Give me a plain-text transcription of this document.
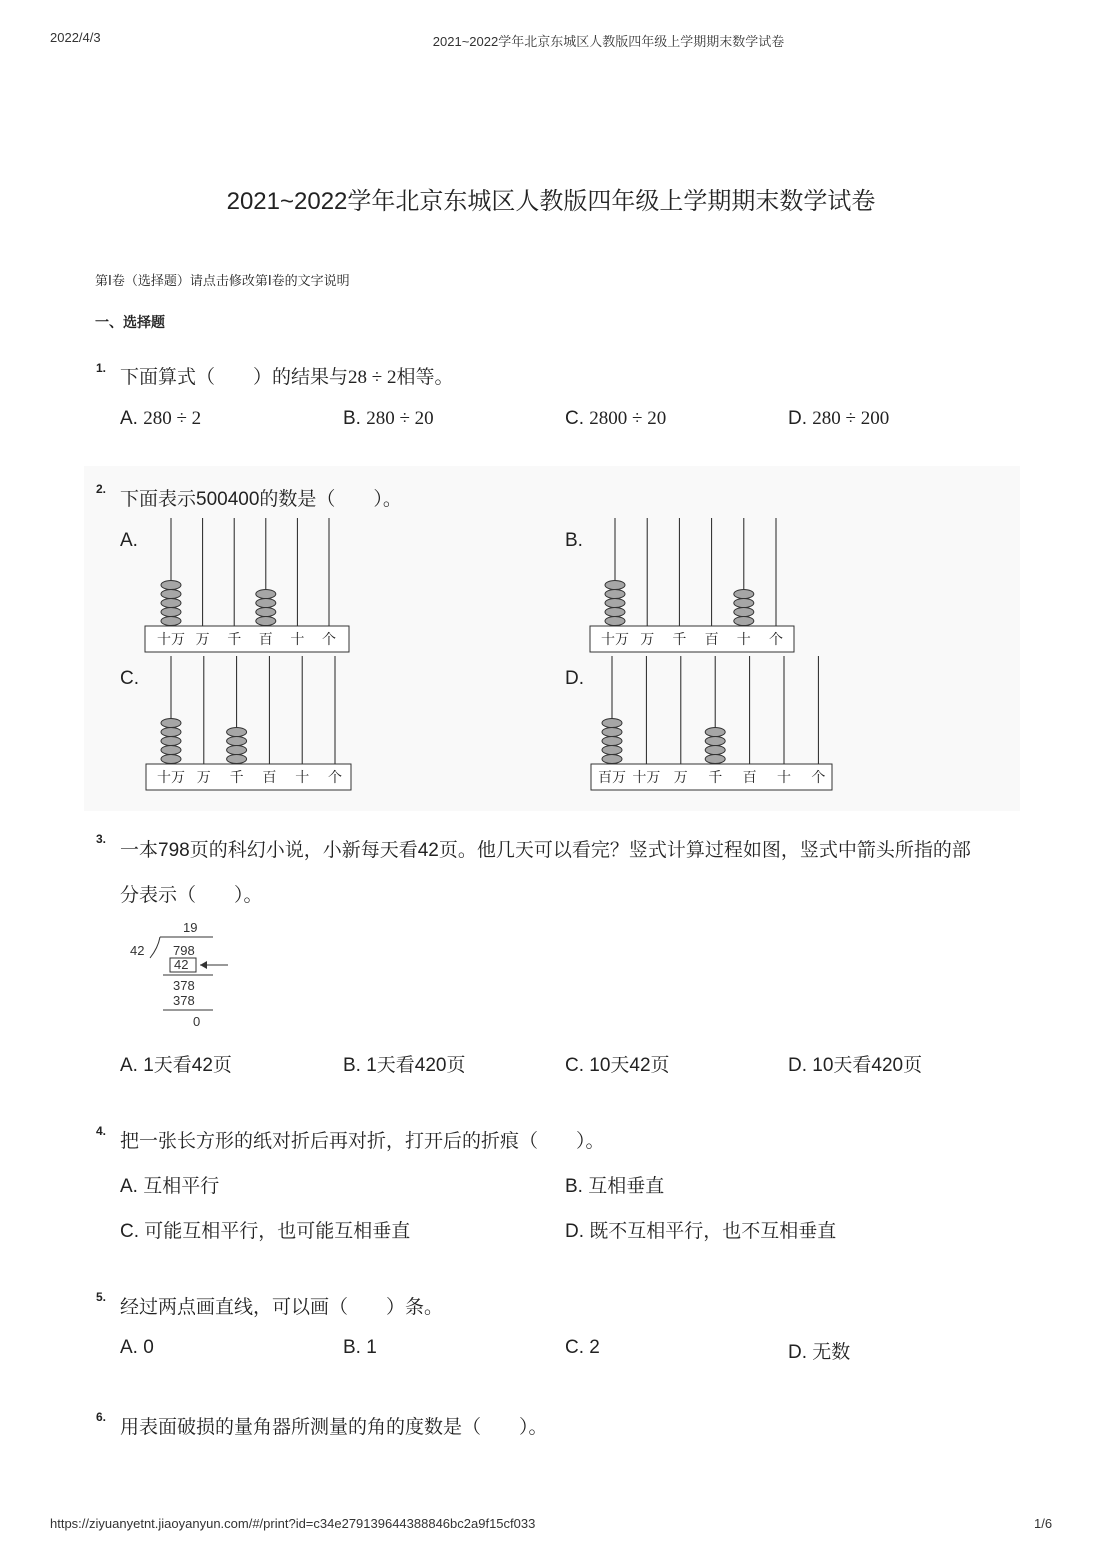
2022/4/3	2021~2022学年北京东城区人教版四年级上学期期末数学试卷
https://ziyuanyetnt.jiaoyanyun.com/#/print?id=c34e279139644388846bc2a9f15cf033	1/6
2021~2022学年北京东城区人教版四年级上学期期末数学试卷
第Ⅰ卷（选择题）请点击修改第Ⅰ卷的文字说明
一、选择题
1. 下面算式（　　）的结果与28 ÷ 2相等。
A. 280 ÷ 2	B. 280 ÷ 20	C. 2800 ÷ 20	D. 280 ÷ 200
2. 下面表示500400的数是（　　）。
A.	B.
C.	D.
十万 万 千 百 十 个	十万 万 千 百 十 个
十万 万 千 百 十 个	百万 十万 万 千 百 十 个
19
42 798
42
378
378
0
3.
一本798页的科幻小说，小新每天看42页。他几天可以看完？竖式计算过程如图，竖式中箭头所指的部
分表示（　　）。
A. 1天看42页	B. 1天看420页	C. 10天42页	D. 10天看420页
4. 把一张长方形的纸对折后再对折，打开后的折痕（　　）。
A. 互相平行	B. 互相垂直
C. 可能互相平行，也可能互相垂直	D. 既不互相平行，也不互相垂直
5. 经过两点画直线，可以画（　　）条。
A. 0	B. 1	C. 2	D. 无数
6. 用表面破损的量角器所测量的角的度数是（　　）。
